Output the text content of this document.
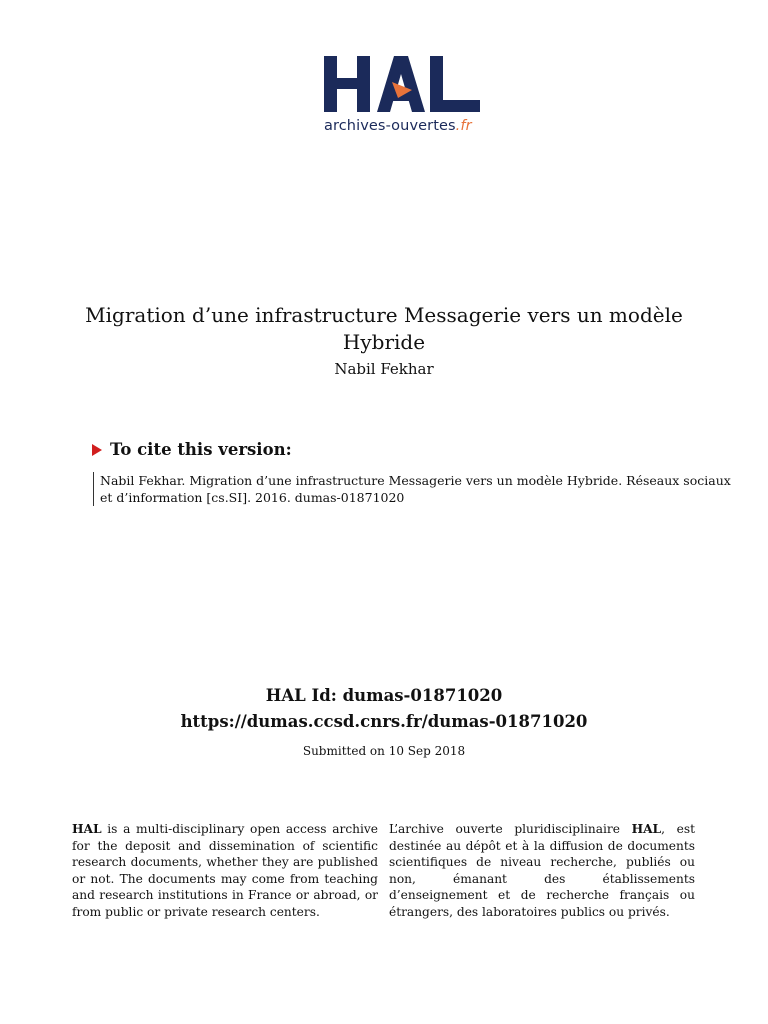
archives-ouvertes.fr
Migration d’une infrastructure Messagerie vers un modèle Hybride
Nabil Fekhar
To cite this version:
Nabil Fekhar. Migration d’une infrastructure Messagerie vers un modèle Hybride. Réseaux sociaux et d’information [cs.SI]. 2016. dumas-01871020
HAL Id: dumas-01871020
https://dumas.ccsd.cnrs.fr/dumas-01871020
Submitted on 10 Sep 2018
HAL is a multi-disciplinary open access archive for the deposit and dissemination of scientific research documents, whether they are published or not. The documents may come from teaching and research institutions in France or abroad, or from public or private research centers.
L’archive ouverte pluridisciplinaire HAL, est destinée au dépôt et à la diffusion de documents scientifiques de niveau recherche, publiés ou non, émanant des établissements d’enseignement et de recherche français ou étrangers, des laboratoires publics ou privés.
